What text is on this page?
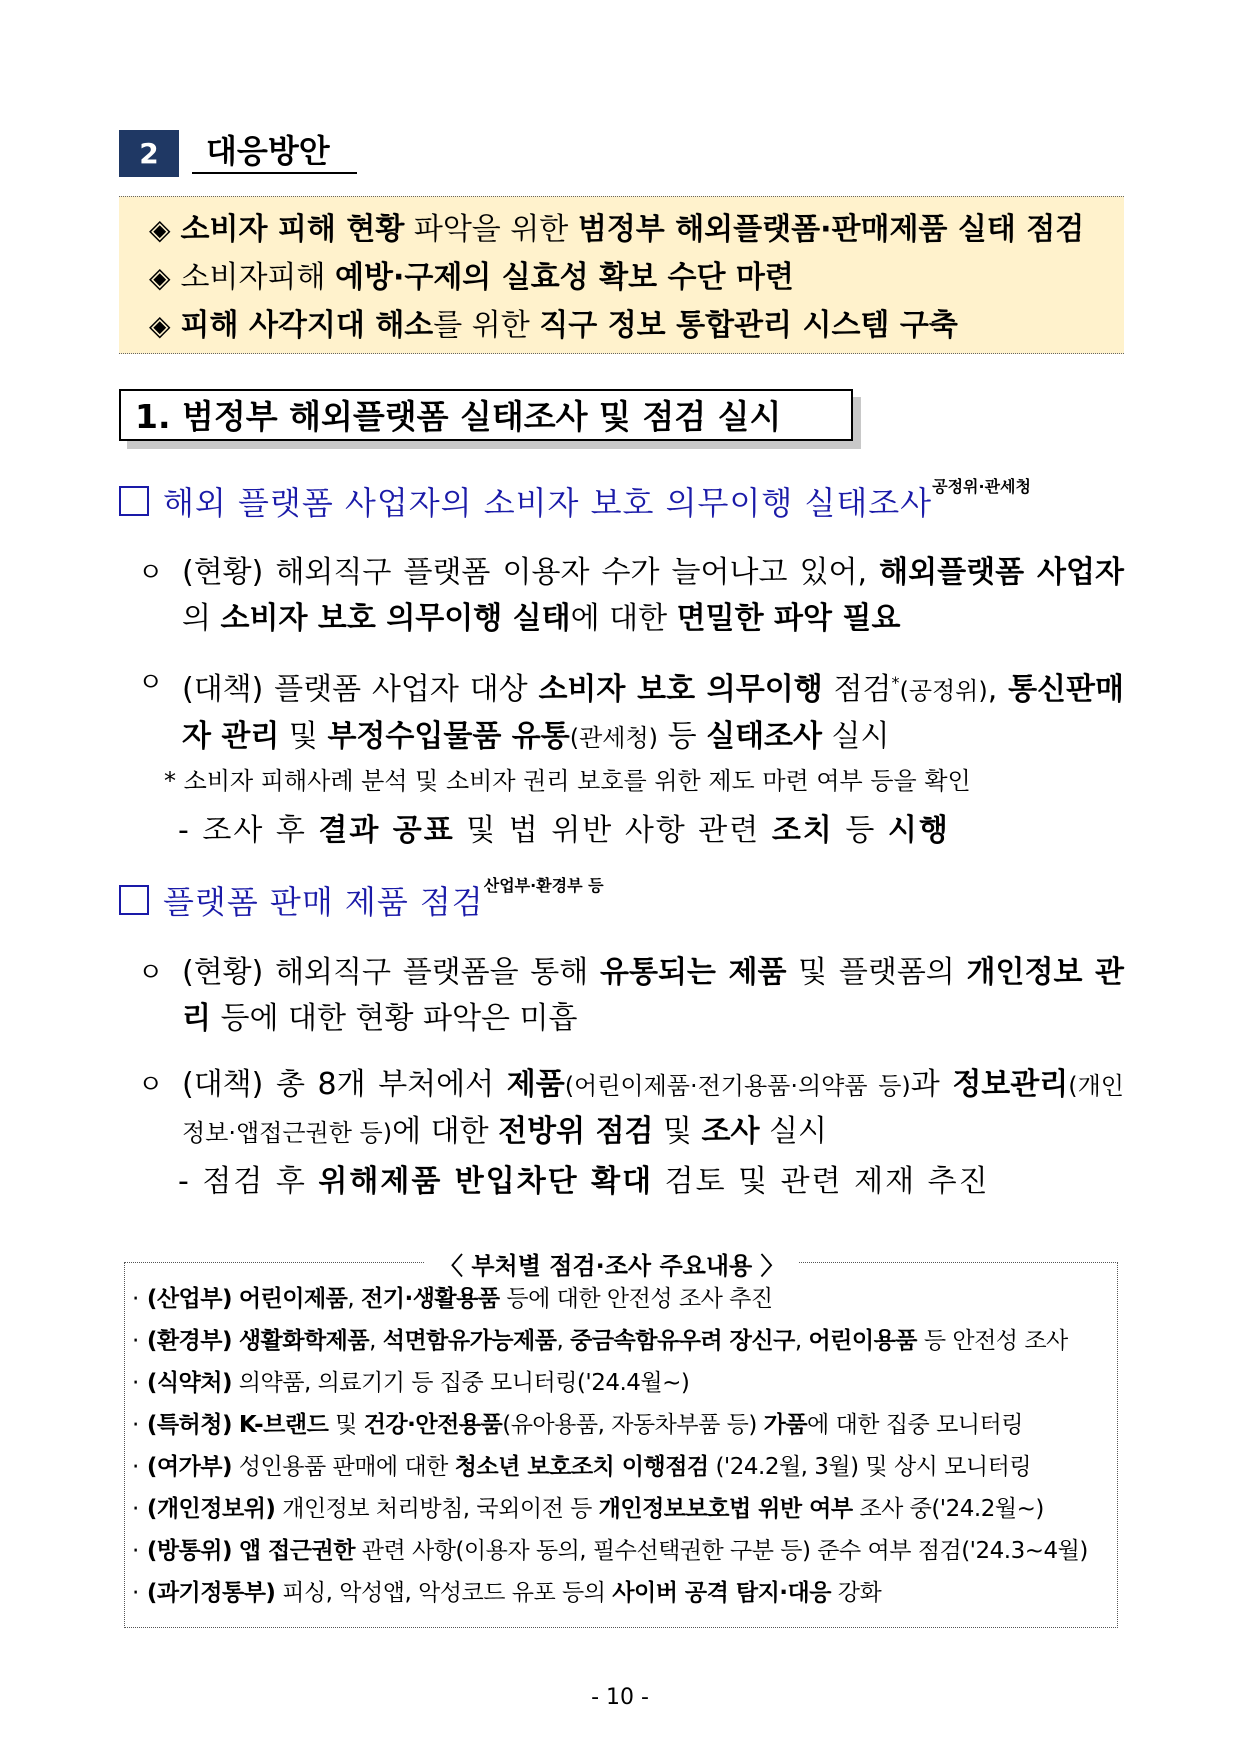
2	대응방안
◈ 소비자 피해 현황 파악을 위한 범정부 해외플랫폼·판매제품 실태 점검
◈ 소비자피해 예방·구제의 실효성 확보 수단 마련
◈ 피해 사각지대 해소를 위한 직구 정보 통합관리 시스템 구축
1. 범정부 해외플랫폼 실태조사 및 점검 실시
해외 플랫폼 사업자의 소비자 보호 의무이행 실태조사$^{공정위\cdot 관세청}$
ㅇ (현황) 해외직구 플랫폼 이용자 수가 늘어나고 있어, 해외플랫폼 사업자의 소비자 보호 의무이행 실태에 대한 면밀한 파악 필요
ㅇ (대책) 플랫폼 사업자 대상 소비자 보호 의무이행 점검*(공정위), 통신판매자 관리 및 부정수입물품 유통(관세청) 등 실태조사 실시
* 소비자 피해사례 분석 및 소비자 권리 보호를 위한 제도 마련 여부 등을 확인
- 조사 후 결과 공표 및 법 위반 사항 관련 조치 등 시행
플랫폼 판매 제품 점검$^{산업부\cdot 환경부 등}$
ㅇ (현황) 해외직구 플랫폼을 통해 유통되는 제품 및 플랫폼의 개인정보 관리 등에 대한 현황 파악은 미흡
ㅇ (대책) 총 8개 부처에서 제품(어린이제품·전기용품·의약품 등)과 정보관리(개인정보·앱접근권한 등)에 대한 전방위 점검 및 조사 실시
- 점검 후 위해제품 반입차단 확대 검토 및 관련 제재 추진
〈 부처별 점검·조사 주요내용 〉
· (산업부) 어린이제품, 전기·생활용품 등에 대한 안전성 조사 추진
· (환경부) 생활화학제품, 석면함유가능제품, 중금속함유우려 장신구, 어린이용품 등 안전성 조사
· (식약처) 의약품, 의료기기 등 집중 모니터링('24.4월~)
· (특허청) K-브랜드 및 건강·안전용품(유아용품, 자동차부품 등) 가품에 대한 집중 모니터링
· (여가부) 성인용품 판매에 대한 청소년 보호조치 이행점검 ('24.2월, 3월) 및 상시 모니터링
· (개인정보위) 개인정보 처리방침, 국외이전 등 개인정보보호법 위반 여부 조사 중('24.2월~)
· (방통위) 앱 접근권한 관련 사항(이용자 동의, 필수선택권한 구분 등) 준수 여부 점검('24.3~4월)
· (과기정통부) 피싱, 악성앱, 악성코드 유포 등의 사이버 공격 탐지·대응 강화
- 10 -
